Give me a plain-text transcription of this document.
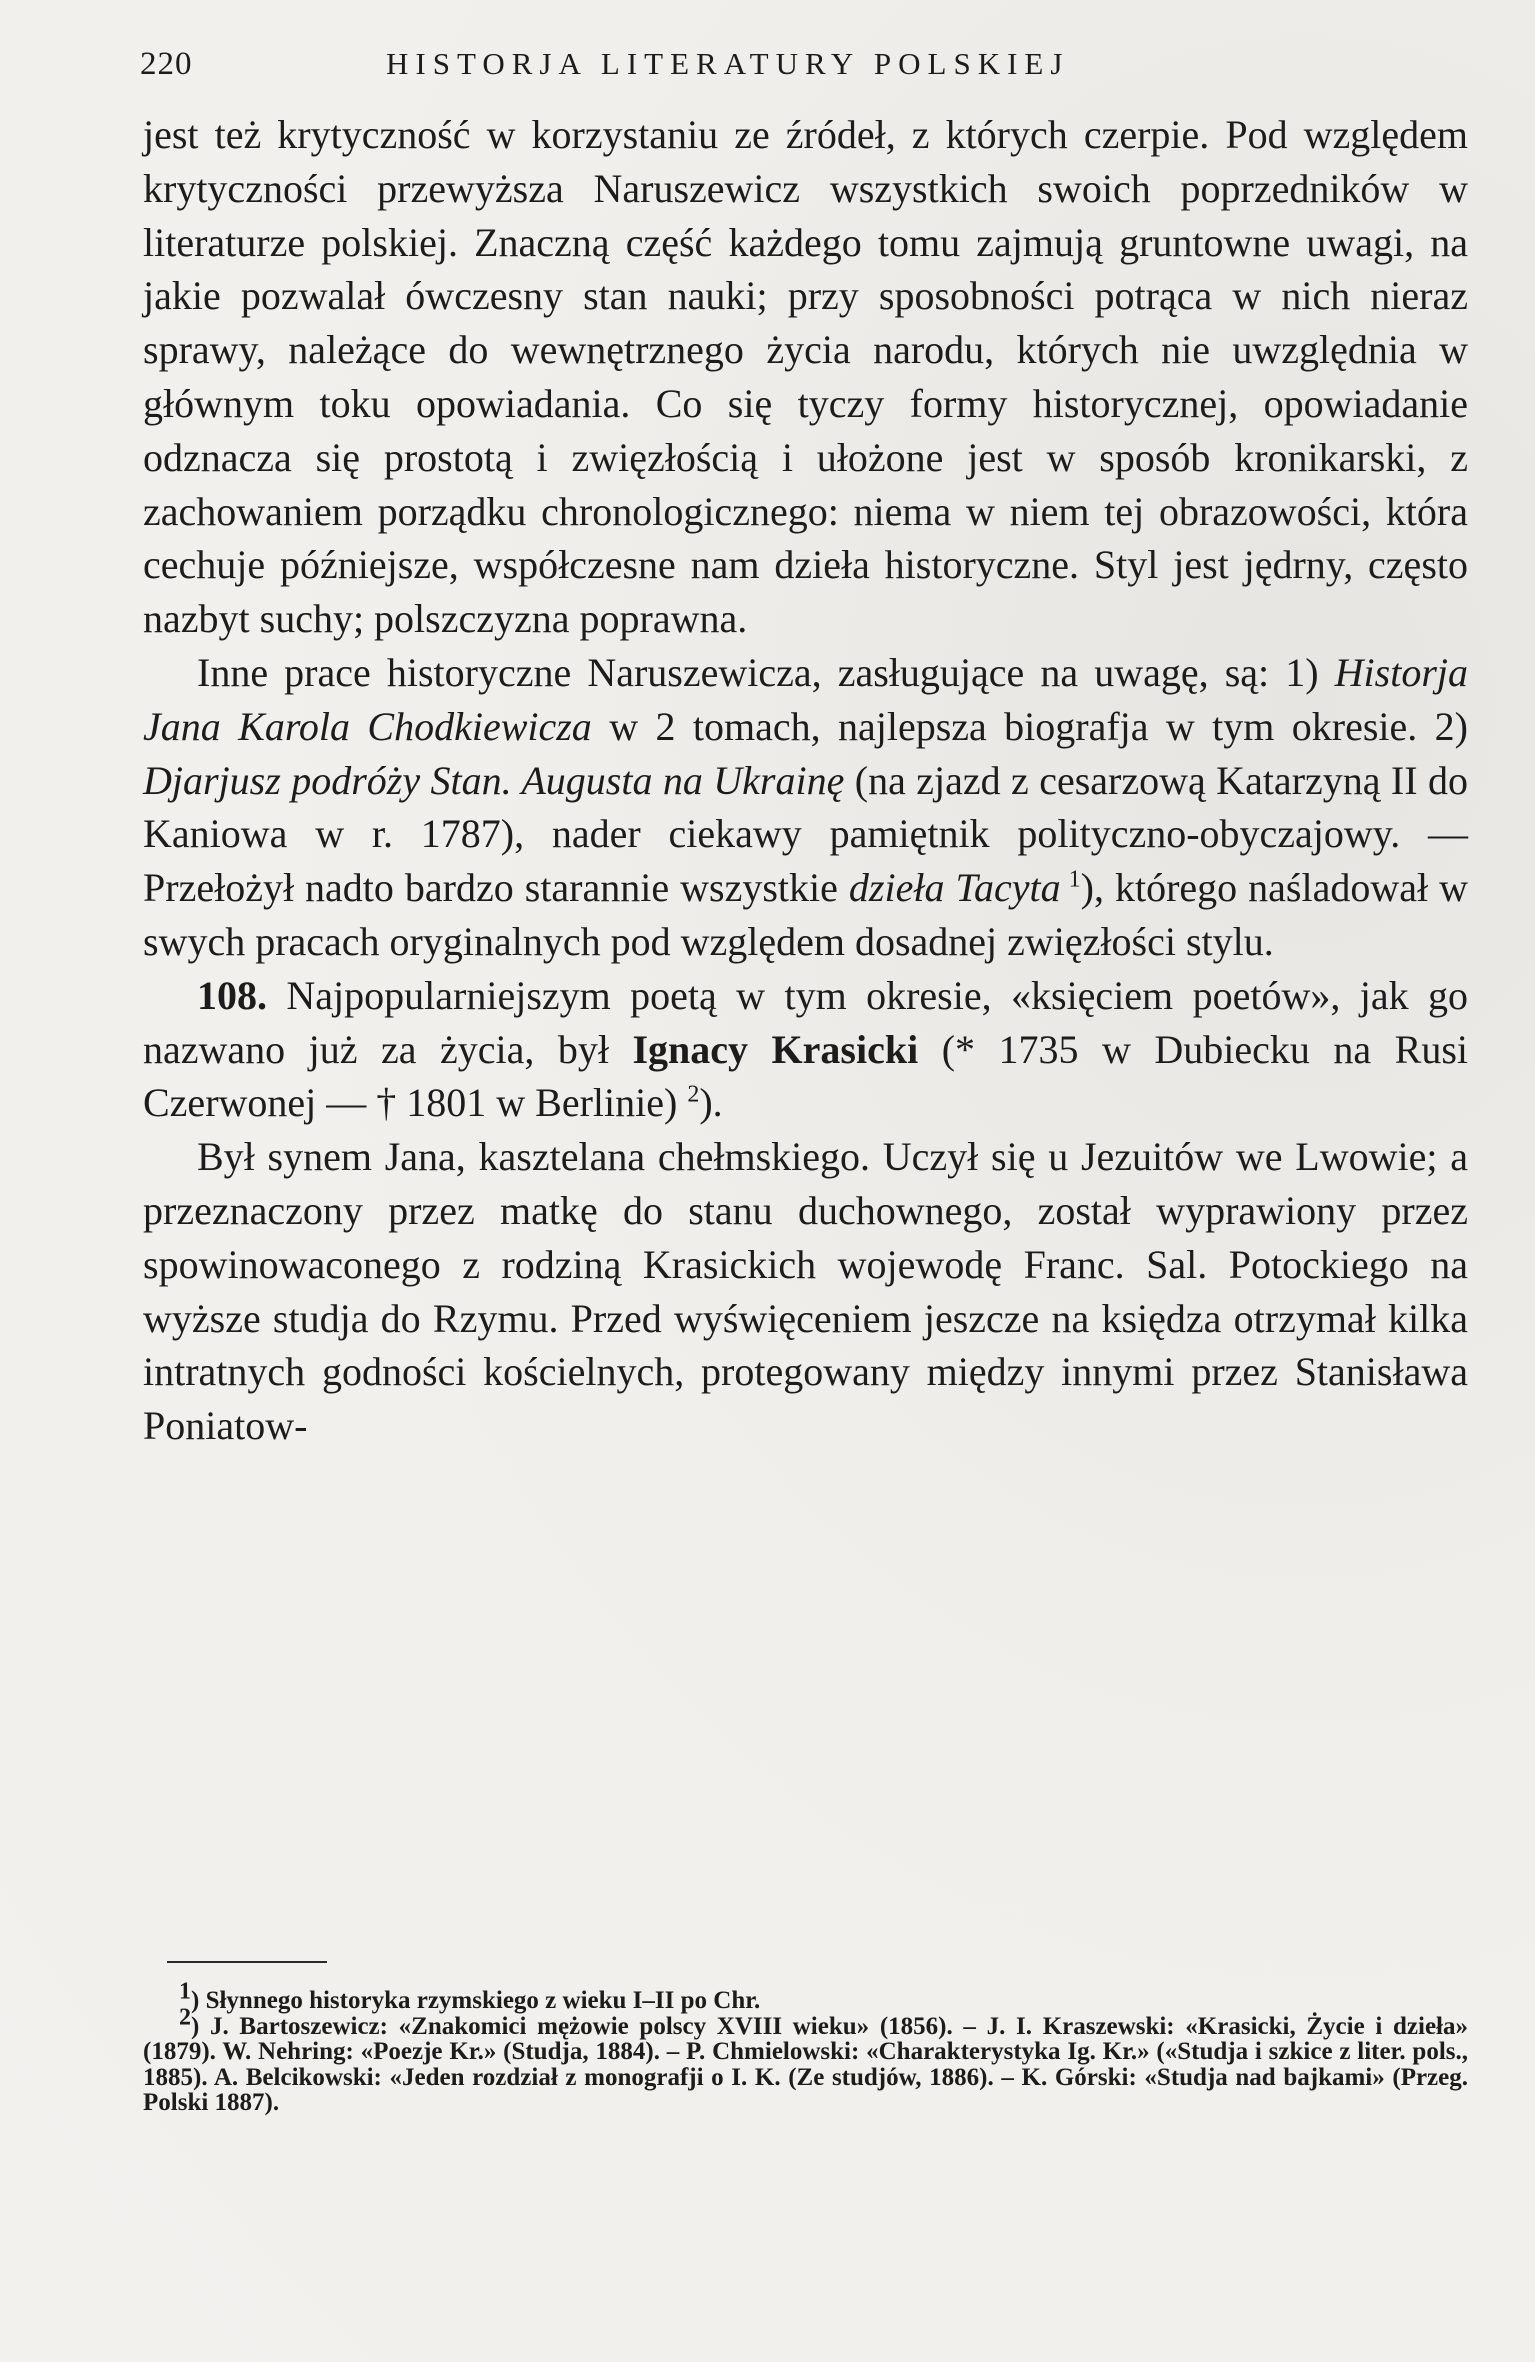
220	HISTORJA LITERATURY POLSKIEJ

jest też krytyczność w korzystaniu ze źródeł, z których czerpie. Pod względem krytyczności przewyższa Naruszewicz wszystkich swoich poprzedników w literaturze polskiej. Znaczną część każdego tomu zajmują gruntowne uwagi, na jakie pozwalał ówczesny stan nauki; przy sposobności potrąca w nich nieraz sprawy, należące do wewnętrznego życia narodu, których nie uwzględnia w głównym toku opowiadania. Co się tyczy formy historycznej, opowiadanie odznacza się prostotą i zwięzłością i ułożone jest w sposób kronikarski, z zachowaniem porządku chronologicznego: niema w niem tej obrazowości, która cechuje późniejsze, współczesne nam dzieła historyczne. Styl jest jędrny, często nazbyt suchy; polszczyzna poprawna.

Inne prace historyczne Naruszewicza, zasługujące na uwagę, są: 1) Historja Jana Karola Chodkiewicza w 2 tomach, najlepsza biografja w tym okresie. 2) Djarjusz podróży Stan. Augusta na Ukrainę (na zjazd z cesarzową Katarzyną II do Kaniowa w r. 1787), nader ciekawy pamiętnik polityczno-obyczajowy. — Przełożył nadto bardzo starannie wszystkie dzieła Tacyta  $^1$), którego naśladował w swych pracach oryginalnych pod względem dosadnej zwięzłości stylu.

108. Najpopularniejszym poetą w tym okresie, «księciem poetów», jak go nazwano już za życia, był Ignacy Krasicki (* 1735 w Dubiecku na Rusi Czerwonej — † 1801 w Berlinie) $^2$).

Był synem Jana, kasztelana chełmskiego. Uczył się u Jezuitów we Lwowie; a przeznaczony przez matkę do stanu duchownego, został wyprawiony przez spowinowaconego z rodziną Krasickich wojewodę Franc. Sal. Potockiego na wyższe studja do Rzymu. Przed wyświęceniem jeszcze na księdza otrzymał kilka intratnych godności kościelnych, protegowany między innymi przez Stanisława Poniatow-

$^1$) Słynnego historyka rzymskiego z wieku I–II po Chr.

$^2$) J. Bartoszewicz: «Znakomici mężowie polscy XVIII wieku» (1856). – J. I. Kraszewski: «Krasicki, Życie i dzieła» (1879). W. Nehring: «Poezje Kr.» (Studja, 1884). – P. Chmielowski: «Charakterystyka Ig. Kr.» («Studja i szkice z liter. pols., 1885). A. Belcikowski: «Jeden rozdział z monografji o I. K. (Ze studjów, 1886). – K. Górski: «Studja nad bajkami» (Przeg. Polski 1887).
